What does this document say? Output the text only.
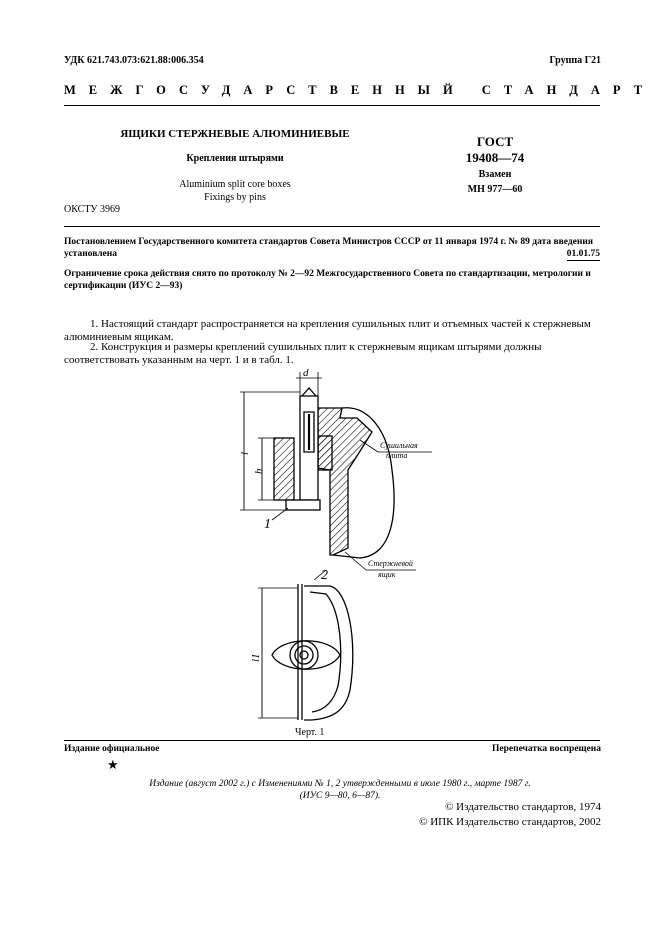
УДК 621.743.073:621.88:006.354	Группа Г21
МЕЖГОСУДАРСТВЕННЫЙ СТАНДАРТ
ЯЩИКИ СТЕРЖНЕВЫЕ АЛЮМИНИЕВЫЕ
Крепления штырями
Aluminium split core boxes
Fixings by pins
ГОСТ
19408—74
Взамен
МН 977—60
ОКСТУ 3969
Постановлением Государственного комитета стандартов Совета Министров СССР от 11 января 1974 г. № 89 дата введения установлена	01.01.75
Ограничение срока действия снято по протоколу № 2—92 Межгосударственного Совета по стандартизации, метрологии и сертификации (ИУС 2—93)
1. Настоящий стандарт распространяется на крепления сушильных плит и отъемных частей к стержневым алюминиевым ящикам.
2. Конструкция и размеры креплений сушильных плит к стержневым ящикам штырями должны соответствовать указанным на черт. 1 и в табл. 1.
d
l
h
l1
1
2
Сушильная
плита
Стержневой
ящик
Черт. 1
Издание официальное	Перепечатка воспрещена
★
Издание (август 2002 г.) с Изменениями № 1, 2 утвержденными в июле 1980 г., марте 1987 г.
(ИУС 9—80, 6—87).
© Издательство стандартов, 1974
© ИПК Издательство стандартов, 2002
